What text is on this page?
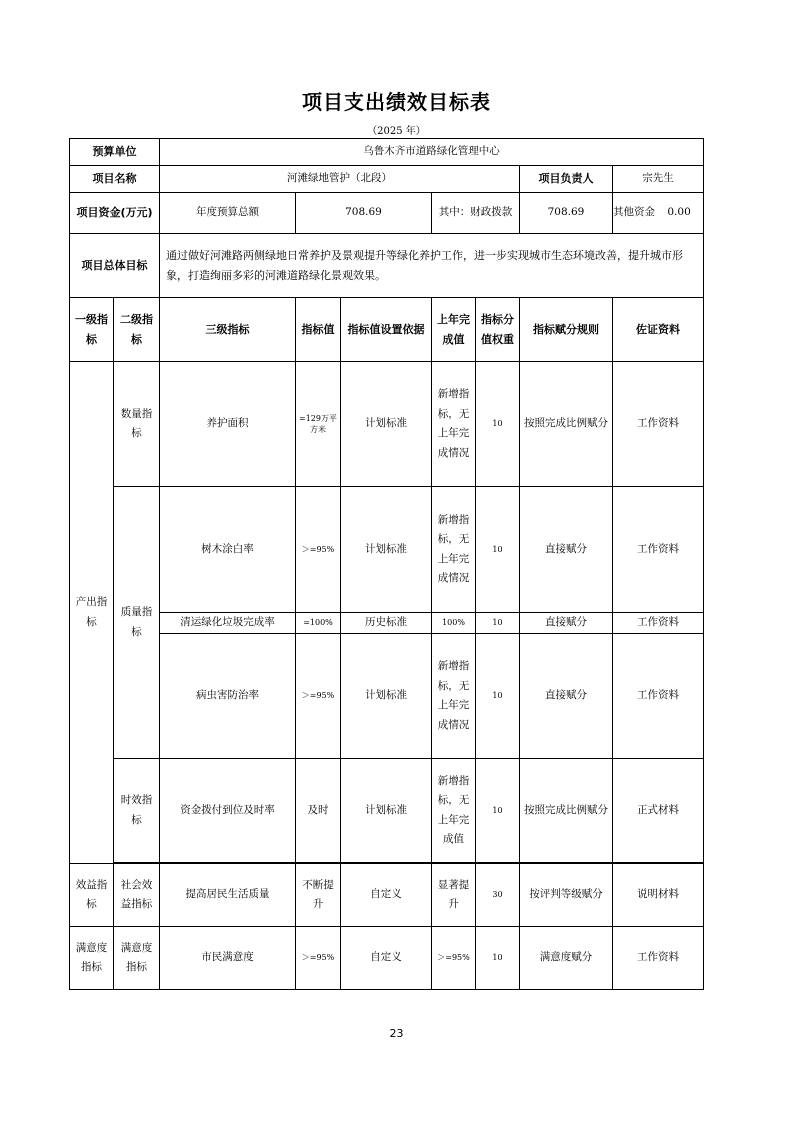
项目支出绩效目标表
（2025 年）
预算单位		乌鲁木齐市道路绿化管理中心						
项目名称		河滩绿地管护（北段）					项目负责人	宗先生
项目资金(万元)		年度预算总额	708.69		其中：财政拨款		708.69	其他资金 0.00

项目总体目标		通过做好河滩路两侧绿地日常养护及景观提升等绿化养护工作，进一步实现城市生态环境改善，提升城市形象，打造绚丽多彩的河滩道路绿化景观效果。						
一级指标	二级指标	三级指标	指标值	指标值设置依据	上年完成值	指标分值权重	指标赋分规则	佐证资料
产出指标	数量指标	养护面积	=129万平方米	计划标准	新增指标，无上年完成情况	10	按照完成比例赋分	工作资料
	质量指标	树木涂白率	＞=95%	计划标准	新增指标，无上年完成情况	10	直接赋分	工作资料
		清运绿化垃圾完成率	=100%	历史标准	100%	10	直接赋分	工作资料
		病虫害防治率	＞=95%	计划标准	新增指标，无上年完成情况	10	直接赋分	工作资料
	时效指标	资金拨付到位及时率	及时	计划标准	新增指标，无上年完成值	10	按照完成比例赋分	正式材料

效益指标	社会效益指标	提高居民生活质量	不断提升	自定义	显著提升	30	按评判等级赋分	说明材料
满意度指标	满意度指标	市民满意度	＞=95%	自定义	＞=95%	10	满意度赋分	工作资料
23
